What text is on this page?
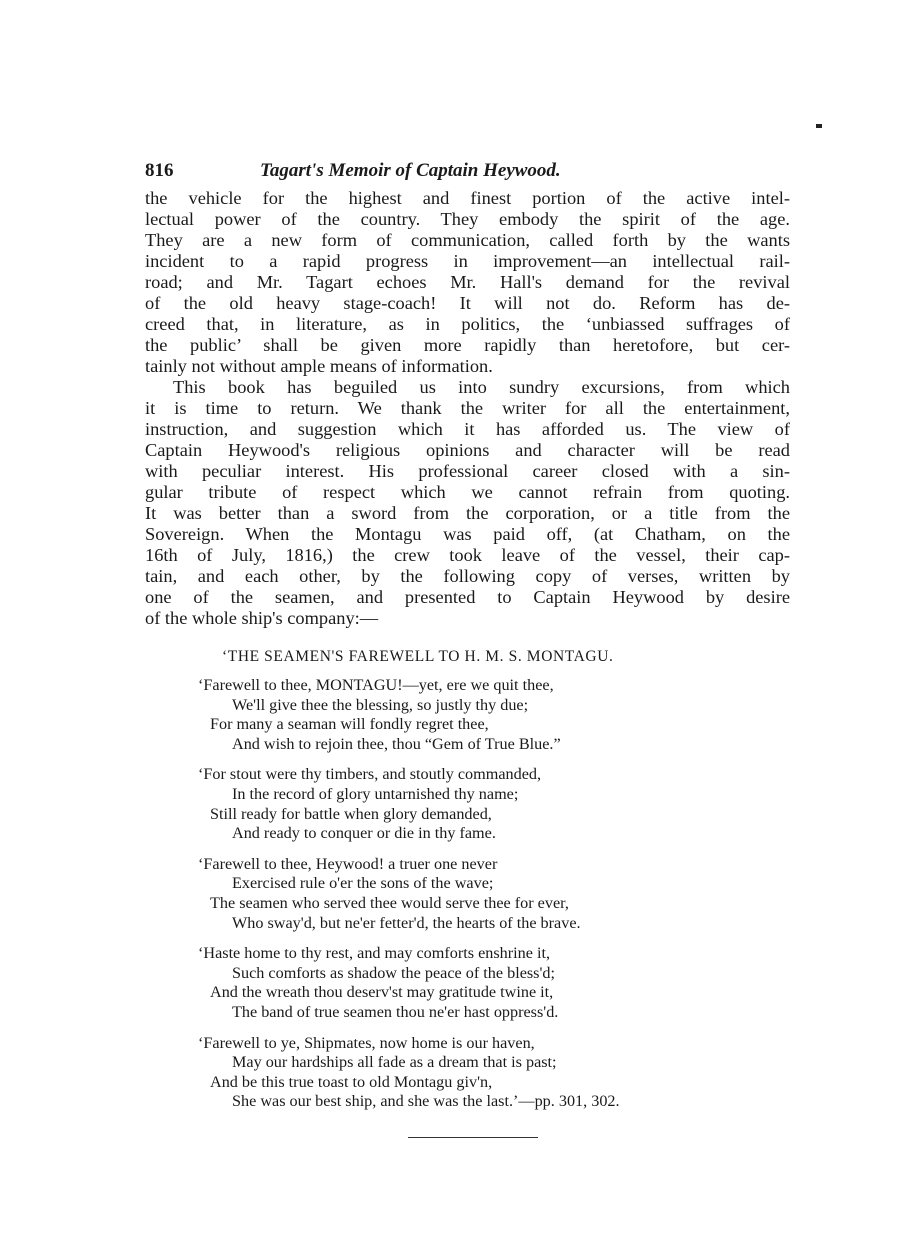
816	Tagart's Memoir of Captain Heywood.
the vehicle for the highest and finest portion of the active intel-
lectual power of the country. They embody the spirit of the age.
They are a new form of communication, called forth by the wants
incident to a rapid progress in improvement—an intellectual rail-
road; and Mr. Tagart echoes Mr. Hall's demand for the revival
of the old heavy stage-coach! It will not do. Reform has de-
creed that, in literature, as in politics, the ‘unbiassed suffrages of
the public’ shall be given more rapidly than heretofore, but cer-
tainly not without ample means of information.
This book has beguiled us into sundry excursions, from which
it is time to return. We thank the writer for all the entertainment,
instruction, and suggestion which it has afforded us. The view of
Captain Heywood's religious opinions and character will be read
with peculiar interest. His professional career closed with a sin-
gular tribute of respect which we cannot refrain from quoting.
It was better than a sword from the corporation, or a title from the
Sovereign. When the Montagu was paid off, (at Chatham, on the
16th of July, 1816,) the crew took leave of the vessel, their cap-
tain, and each other, by the following copy of verses, written by
one of the seamen, and presented to Captain Heywood by desire
of the whole ship's company:—
‘THE SEAMEN'S FAREWELL TO H. M. S. MONTAGU.
‘Farewell to thee, MONTAGU!—yet, ere we quit thee,
We'll give thee the blessing, so justly thy due;
For many a seaman will fondly regret thee,
And wish to rejoin thee, thou “Gem of True Blue.”
‘For stout were thy timbers, and stoutly commanded,
In the record of glory untarnished thy name;
Still ready for battle when glory demanded,
And ready to conquer or die in thy fame.
‘Farewell to thee, Heywood! a truer one never
Exercised rule o'er the sons of the wave;
The seamen who served thee would serve thee for ever,
Who sway'd, but ne'er fetter'd, the hearts of the brave.
‘Haste home to thy rest, and may comforts enshrine it,
Such comforts as shadow the peace of the bless'd;
And the wreath thou deserv'st may gratitude twine it,
The band of true seamen thou ne'er hast oppress'd.
‘Farewell to ye, Shipmates, now home is our haven,
May our hardships all fade as a dream that is past;
And be this true toast to old Montagu giv'n,
She was our best ship, and she was the last.’—pp. 301, 302.
